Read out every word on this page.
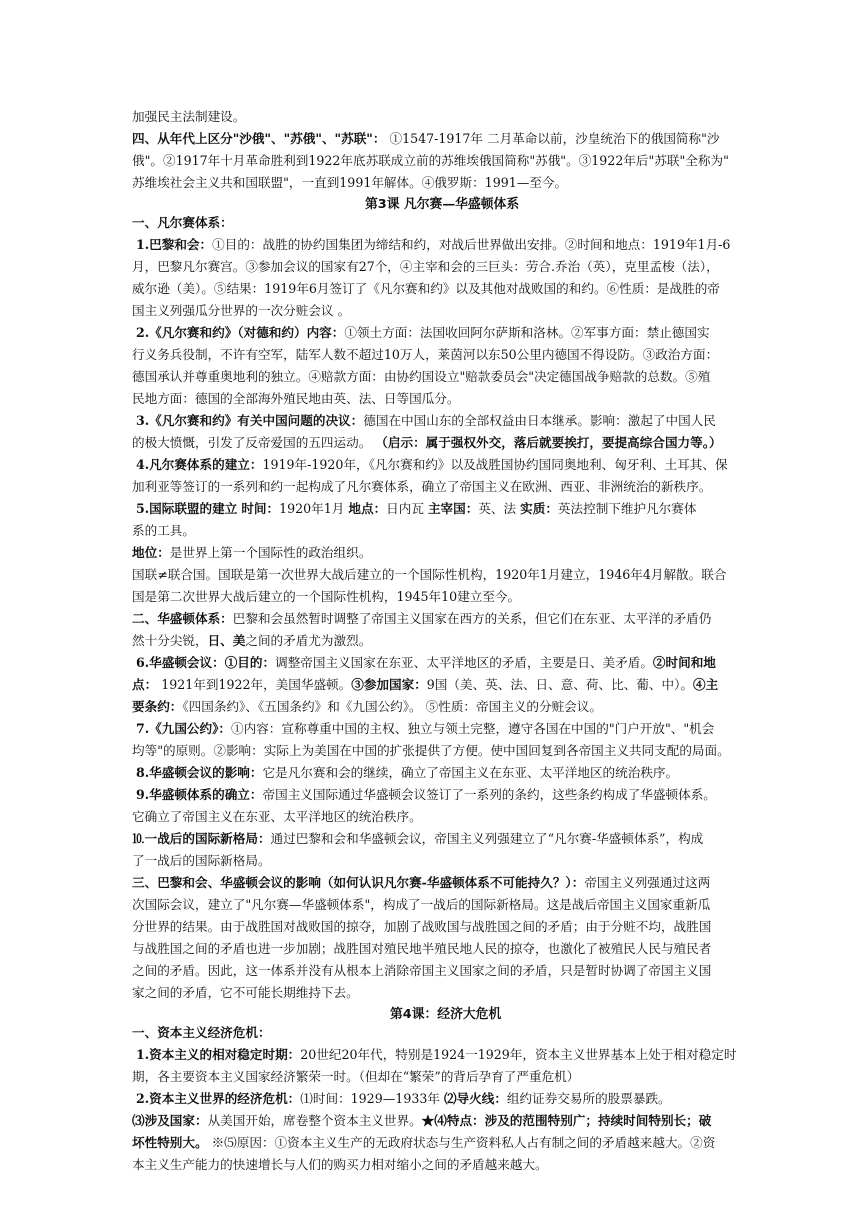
加强民主法制建设。

四、从年代上区分"沙俄"、"苏俄"、"苏联"： ①1547-1917年 二月革命以前，沙皇统治下的俄国简称"沙

俄"。②1917年十月革命胜利到1922年底苏联成立前的苏维埃俄国简称"苏俄"。③1922年后"苏联"全称为"

苏维埃社会主义共和国联盟"，一直到1991年解体。④俄罗斯：1991—至今。

第3课 凡尔赛—华盛顿体系

一、凡尔赛体系：

1.巴黎和会：①目的：战胜的协约国集团为缔结和约，对战后世界做出安排。②时间和地点：1919年1月-6

月，巴黎凡尔赛宫。③参加会议的国家有27个，④主宰和会的三巨头：劳合.乔治（英），克里孟梭（法），

威尔逊（美）。⑤结果：1919年6月签订了《凡尔赛和约》以及其他对战败国的和约。⑥性质：是战胜的帝

国主义列强瓜分世界的一次分赃会议 。

2.《凡尔赛和约》（对德和约）内容：①领土方面：法国收回阿尔萨斯和洛林。②军事方面：禁止德国实

行义务兵役制，不许有空军，陆军人数不超过10万人，莱茵河以东50公里内德国不得设防。③政治方面：

德国承认并尊重奥地利的独立。④赔款方面：由协约国设立"赔款委员会"决定德国战争赔款的总数。⑤殖

民地方面：德国的全部海外殖民地由英、法、日等国瓜分。

3.《凡尔赛和约》有关中国问题的决议：德国在中国山东的全部权益由日本继承。影响：激起了中国人民

的极大愤慨，引发了反帝爱国的五四运动。 （启示：属于强权外交，落后就要挨打，要提高综合国力等。）

4.凡尔赛体系的建立：1919年-1920年，《凡尔赛和约》以及战胜国协约国同奥地利、匈牙利、土耳其、保

加利亚等签订的一系列和约一起构成了凡尔赛体系，确立了帝国主义在欧洲、西亚、非洲统治的新秩序。

5.国际联盟的建立 时间：1920年1月 地点：日内瓦 主宰国：英、法 实质：英法控制下维护凡尔赛体

系的工具。

地位：是世界上第一个国际性的政治组织。

国联≠联合国。国联是第一次世界大战后建立的一个国际性机构，1920年1月建立，1946年4月解散。联合

国是第二次世界大战后建立的一个国际性机构，1945年10建立至今。

二、华盛顿体系：巴黎和会虽然暂时调整了帝国主义国家在西方的关系，但它们在东亚、太平洋的矛盾仍

然十分尖锐，日、美之间的矛盾尤为激烈。

6.华盛顿会议：①目的：调整帝国主义国家在东亚、太平洋地区的矛盾，主要是日、美矛盾。②时间和地

点： 1921年到1922年，美国华盛顿。③参加国家：9国（美、英、法、日、意、荷、比、葡、中）。④主

要条约：《四国条约》、《五国条约》和《九国公约》。 ⑤性质：帝国主义的分赃会议。

7.《九国公约》：①内容：宣称尊重中国的主权、独立与领土完整，遵守各国在中国的"门户开放"、"机会

均等"的原则。②影响：实际上为美国在中国的扩张提供了方便。使中国回复到各帝国主义共同支配的局面。

8.华盛顿会议的影响：它是凡尔赛和会的继续，确立了帝国主义在东亚、太平洋地区的统治秩序。

9.华盛顿体系的确立：帝国主义国际通过华盛顿会议签订了一系列的条约，这些条约构成了华盛顿体系。

它确立了帝国主义在东亚、太平洋地区的统治秩序。

⒑一战后的国际新格局：通过巴黎和会和华盛顿会议，帝国主义列强建立了“凡尔赛-华盛顿体系”，构成

了一战后的国际新格局。

三、巴黎和会、华盛顿会议的影响（如何认识凡尔赛-华盛顿体系不可能持久？）：帝国主义列强通过这两

次国际会议，建立了"凡尔赛—华盛顿体系"，构成了一战后的国际新格局。这是战后帝国主义国家重新瓜

分世界的结果。由于战胜国对战败国的掠夺，加剧了战败国与战胜国之间的矛盾；由于分赃不均，战胜国

与战胜国之间的矛盾也进一步加剧；战胜国对殖民地半殖民地人民的掠夺，也激化了被殖民人民与殖民者

之间的矛盾。因此，这一体系并没有从根本上消除帝国主义国家之间的矛盾，只是暂时协调了帝国主义国

家之间的矛盾，它不可能长期维持下去。

第4课：经济大危机

一、资本主义经济危机：

1.资本主义的相对稳定时期：20世纪20年代，特别是1924一1929年，资本主义世界基本上处于相对稳定时

期，各主要资本主义国家经济繁荣一时。（但却在“繁荣”的背后孕育了严重危机）

2.资本主义世界的经济危机：⑴时间：1929—1933年 ⑵导火线：组约证券交易所的股票暴跌。

⑶涉及国家：从美国开始，席卷整个资本主义世界。★⑷特点：涉及的范围特别广；持续时间特别长；破

坏性特别大。 ※⑸原因：①资本主义生产的无政府状态与生产资料私人占有制之间的矛盾越来越大。②资

本主义生产能力的快速增长与人们的购买力相对缩小之间的矛盾越来越大。
